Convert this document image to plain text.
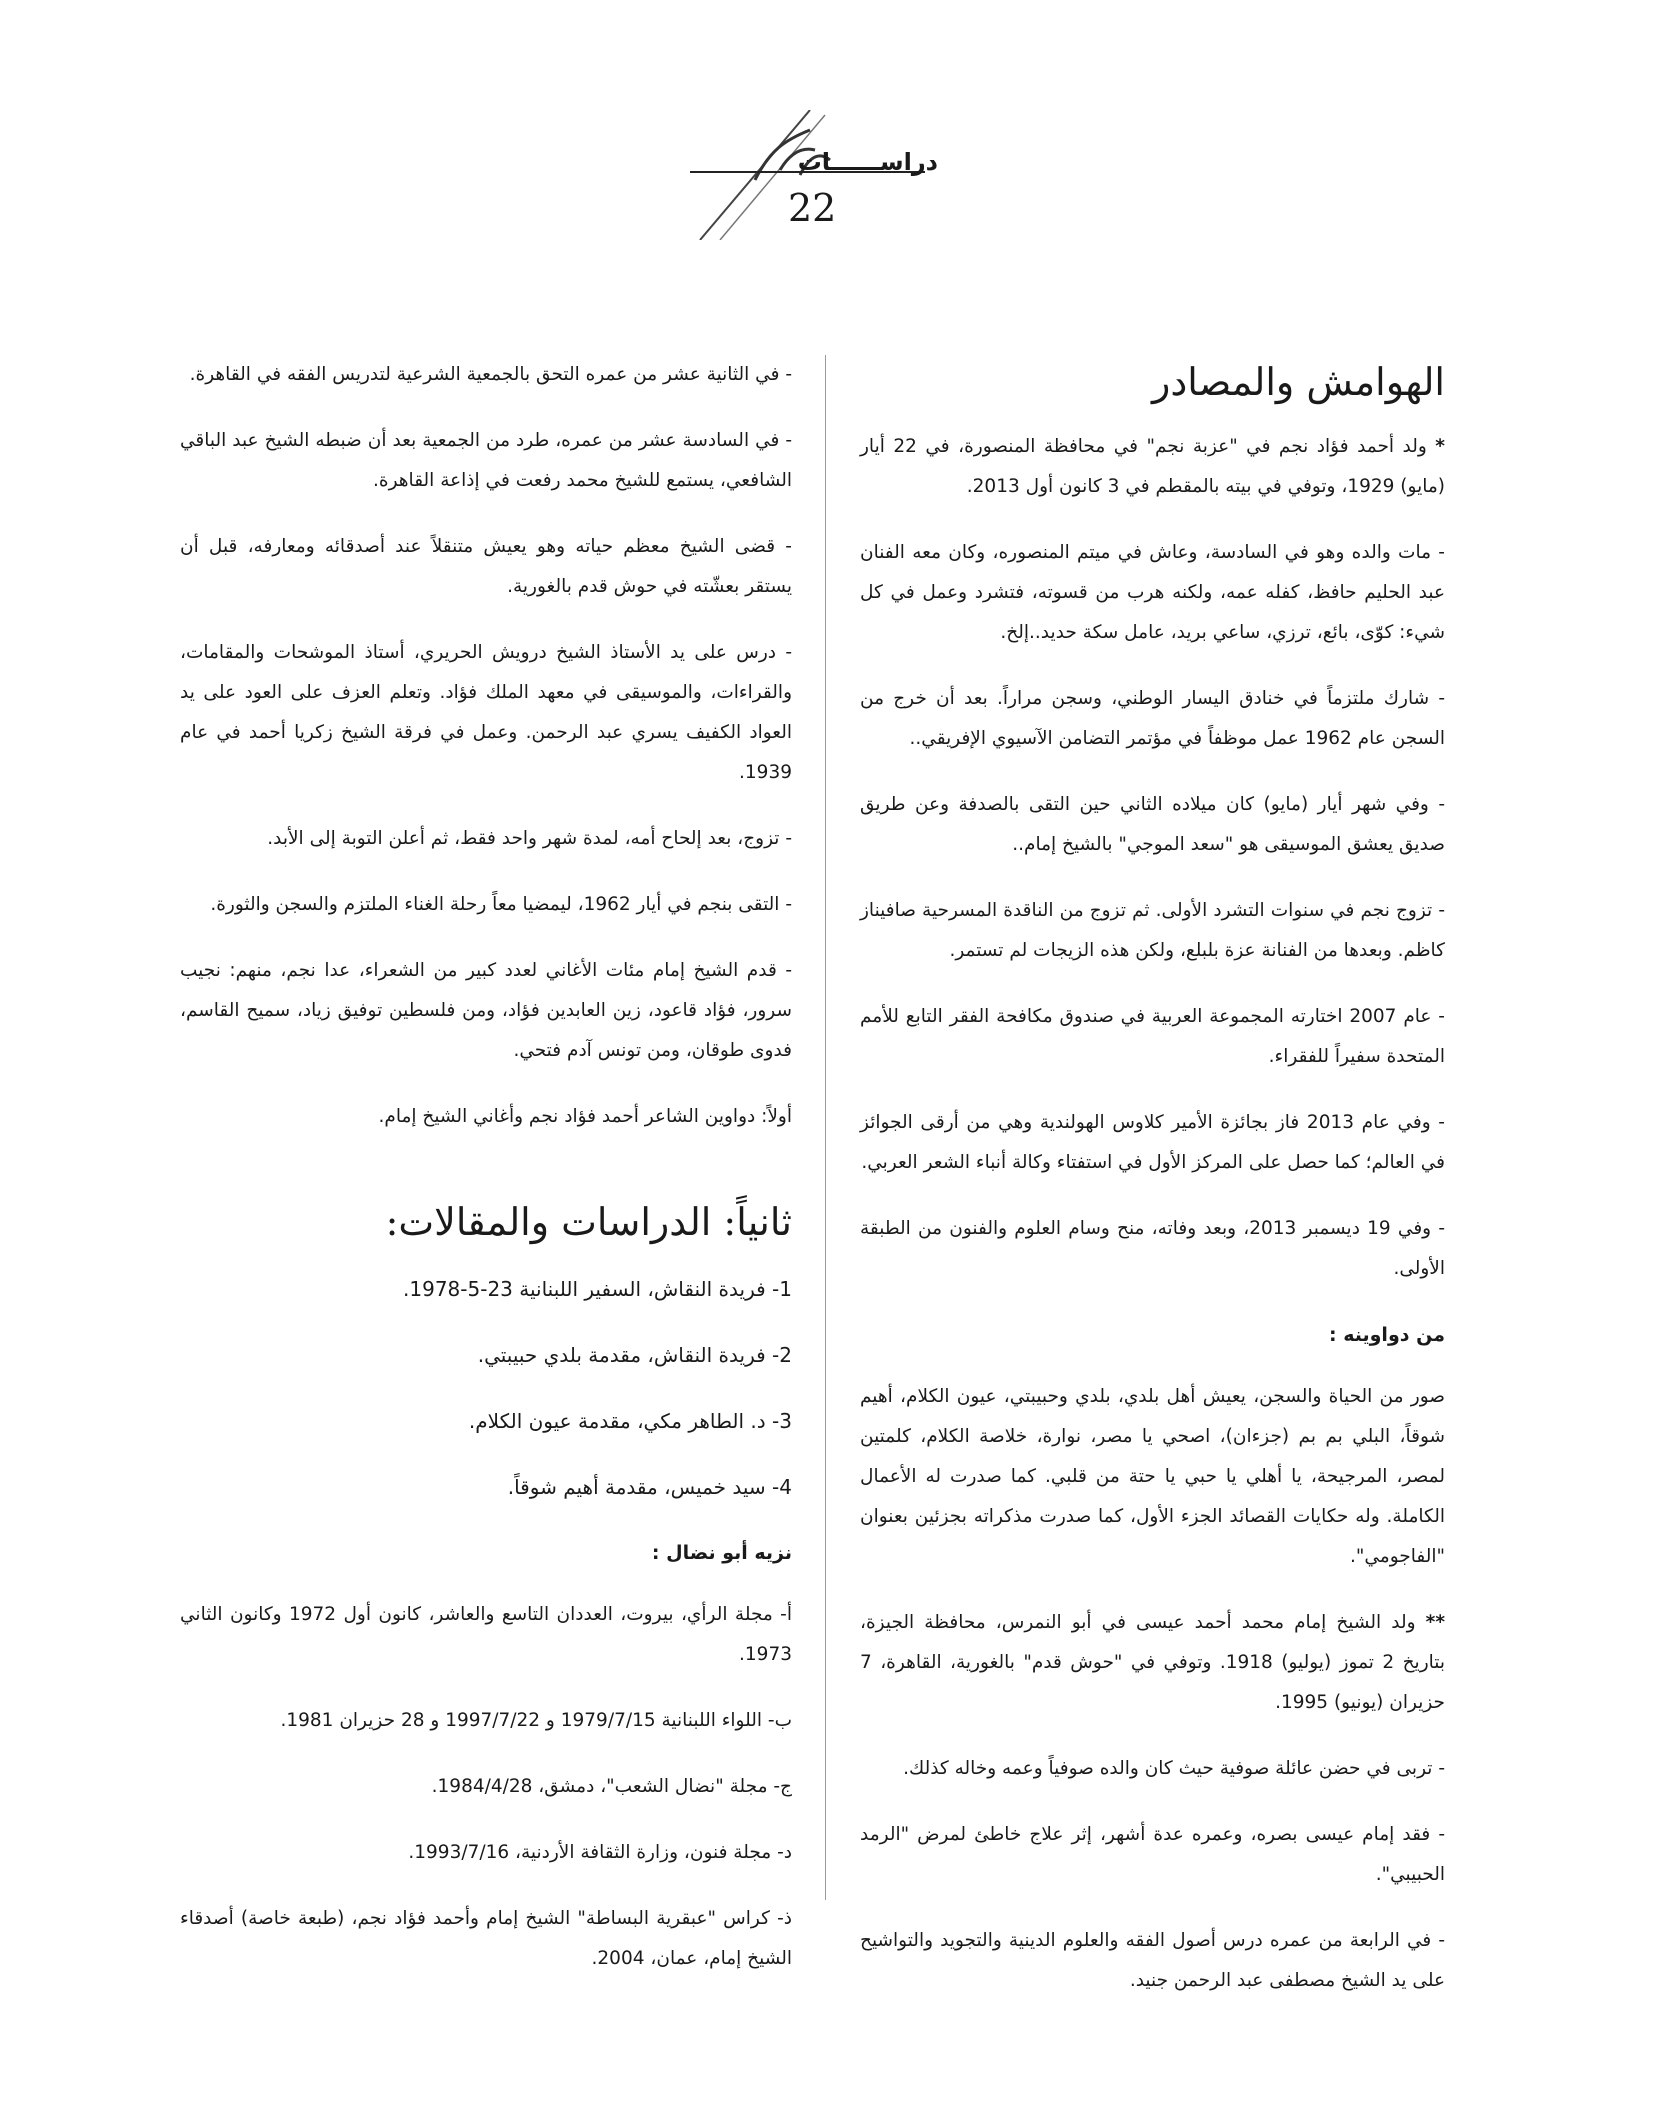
دراســــــات
22
الهوامش والمصادر
* ولد أحمد فؤاد نجم في "عزبة نجم" في محافظة المنصورة، في 22 أيار (مايو) 1929، وتوفي في بيته بالمقطم في 3 كانون أول 2013.
- مات والده وهو في السادسة، وعاش في ميتم المنصوره، وكان معه الفنان عبد الحليم حافظ، كفله عمه، ولكنه هرب من قسوته، فتشرد وعمل في كل شيء: كوّى، بائع، ترزي، ساعي بريد، عامل سكة حديد..إلخ.
- شارك ملتزماً في خنادق اليسار الوطني، وسجن مراراً. بعد أن خرج من السجن عام 1962 عمل موظفاً في مؤتمر التضامن الآسيوي الإفريقي..
- وفي شهر أيار (مايو) كان ميلاده الثاني حين التقى بالصدفة وعن طريق صديق يعشق الموسيقى هو "سعد الموجي" بالشيخ إمام..
- تزوج نجم في سنوات التشرد الأولى. ثم تزوج من الناقدة المسرحية صافيناز كاظم. وبعدها من الفنانة عزة بلبلع، ولكن هذه الزيجات لم تستمر.
- عام 2007 اختارته المجموعة العربية في صندوق مكافحة الفقر التابع للأمم المتحدة سفيراً للفقراء.
- وفي عام 2013 فاز بجائزة الأمير كلاوس الهولندية وهي من أرقى الجوائز في العالم؛ كما حصل على المركز الأول في استفتاء وكالة أنباء الشعر العربي.
- وفي 19 ديسمبر 2013، وبعد وفاته، منح وسام العلوم والفنون من الطبقة الأولى.
من دواوينه :
صور من الحياة والسجن، يعيش أهل بلدي، بلدي وحبيبتي، عيون الكلام، أهيم شوقاً، البلي بم بم (جزءان)، اصحي يا مصر، نوارة، خلاصة الكلام، كلمتين لمصر، المرجيحة، يا أهلي يا حبي يا حتة من قلبي. كما صدرت له الأعمال الكاملة. وله حكايات القصائد الجزء الأول، كما صدرت مذكراته بجزئين بعنوان "الفاجومي".
** ولد الشيخ إمام محمد أحمد عيسى في أبو النمرس، محافظة الجيزة، بتاريخ 2 تموز (يوليو) 1918. وتوفي في "حوش قدم" بالغورية، القاهرة، 7 حزيران (يونيو) 1995.
- تربى في حضن عائلة صوفية حيث كان والده صوفياً وعمه وخاله كذلك.
- فقد إمام عيسى بصره، وعمره عدة أشهر، إثر علاج خاطئ لمرض "الرمد الحبيبي".
- في الرابعة من عمره درس أصول الفقه والعلوم الدينية والتجويد والتواشيح على يد الشيخ مصطفى عبد الرحمن جنيد.
- في الثانية عشر من عمره التحق بالجمعية الشرعية لتدريس الفقه في القاهرة.
- في السادسة عشر من عمره، طرد من الجمعية بعد أن ضبطه الشيخ عبد الباقي الشافعي، يستمع للشيخ محمد رفعت في إذاعة القاهرة.
- قضى الشيخ معظم حياته وهو يعيش متنقلاً عند أصدقائه ومعارفه، قبل أن يستقر بعشّته في حوش قدم بالغورية.
- درس على يد الأستاذ الشيخ درويش الحريري، أستاذ الموشحات والمقامات، والقراءات، والموسيقى في معهد الملك فؤاد. وتعلم العزف على العود على يد العواد الكفيف يسري عبد الرحمن. وعمل في فرقة الشيخ زكريا أحمد في عام 1939.
- تزوج، بعد إلحاح أمه، لمدة شهر واحد فقط، ثم أعلن التوبة إلى الأبد.
- التقى بنجم في أيار 1962، ليمضيا معاً رحلة الغناء الملتزم والسجن والثورة.
- قدم الشيخ إمام مئات الأغاني لعدد كبير من الشعراء، عدا نجم، منهم: نجيب سرور، فؤاد قاعود، زين العابدين فؤاد، ومن فلسطين توفيق زياد، سميح القاسم، فدوى طوقان، ومن تونس آدم فتحي.
أولاً: دواوين الشاعر أحمد فؤاد نجم وأغاني الشيخ إمام.
ثانياً: الدراسات والمقالات:
1- فريدة النقاش، السفير اللبنانية 23-5-1978.
2- فريدة النقاش، مقدمة بلدي حبيبتي.
3- د. الطاهر مكي، مقدمة عيون الكلام.
4- سيد خميس، مقدمة أهيم شوقاً.
نزيه أبو نضال :
أ- مجلة الرأي، بيروت، العددان التاسع والعاشر، كانون أول 1972 وكانون الثاني 1973.
ب- اللواء اللبنانية 1979/7/15 و 1997/7/22 و 28 حزيران 1981.
ج- مجلة "نضال الشعب"، دمشق، 1984/4/28.
د- مجلة فنون، وزارة الثقافة الأردنية، 1993/7/16.
ذ- كراس "عبقرية البساطة" الشيخ إمام وأحمد فؤاد نجم، (طبعة خاصة) أصدقاء الشيخ إمام، عمان، 2004.
